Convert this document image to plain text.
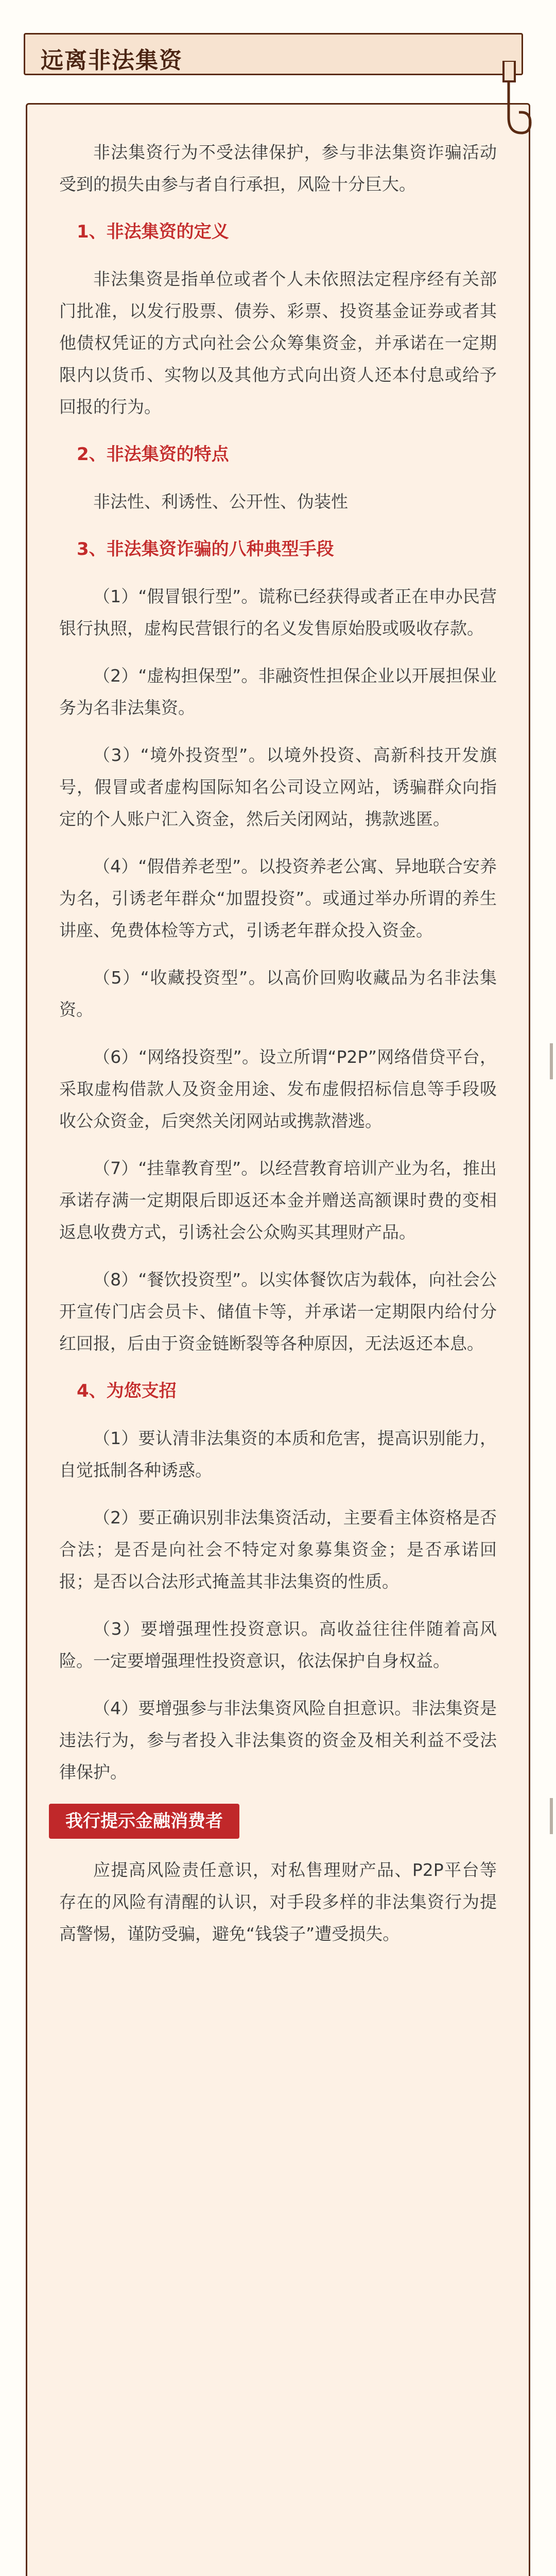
远离非法集资

非法集资行为不受法律保护，参与非法集资诈骗活动受到的损失由参与者自行承担，风险十分巨大。

1、非法集资的定义

非法集资是指单位或者个人未依照法定程序经有关部门批准，以发行股票、债券、彩票、投资基金证券或者其他债权凭证的方式向社会公众筹集资金，并承诺在一定期限内以货币、实物以及其他方式向出资人还本付息或给予回报的行为。

2、非法集资的特点

非法性、利诱性、公开性、伪装性

3、非法集资诈骗的八种典型手段

（1）“假冒银行型”。谎称已经获得或者正在申办民营银行执照，虚构民营银行的名义发售原始股或吸收存款。

（2）“虚构担保型”。非融资性担保企业以开展担保业务为名非法集资。

（3）“境外投资型”。以境外投资、高新科技开发旗号，假冒或者虚构国际知名公司设立网站，诱骗群众向指定的个人账户汇入资金，然后关闭网站，携款逃匿。

（4）“假借养老型”。以投资养老公寓、异地联合安养为名，引诱老年群众“加盟投资”。或通过举办所谓的养生讲座、免费体检等方式，引诱老年群众投入资金。

（5）“收藏投资型”。以高价回购收藏品为名非法集资。

（6）“网络投资型”。设立所谓“P2P”网络借贷平台，采取虚构借款人及资金用途、发布虚假招标信息等手段吸收公众资金，后突然关闭网站或携款潜逃。

（7）“挂靠教育型”。以经营教育培训产业为名，推出承诺存满一定期限后即返还本金并赠送高额课时费的变相返息收费方式，引诱社会公众购买其理财产品。

（8）“餐饮投资型”。以实体餐饮店为载体，向社会公开宣传门店会员卡、储值卡等，并承诺一定期限内给付分红回报，后由于资金链断裂等各种原因，无法返还本息。

4、为您支招

（1）要认清非法集资的本质和危害，提高识别能力，自觉抵制各种诱惑。

（2）要正确识别非法集资活动，主要看主体资格是否合法；是否是向社会不特定对象募集资金；是否承诺回报；是否以合法形式掩盖其非法集资的性质。

（3）要增强理性投资意识。高收益往往伴随着高风险。一定要增强理性投资意识，依法保护自身权益。

（4）要增强参与非法集资风险自担意识。非法集资是违法行为，参与者投入非法集资的资金及相关利益不受法律保护。

我行提示金融消费者

应提高风险责任意识，对私售理财产品、P2P平台等存在的风险有清醒的认识，对手段多样的非法集资行为提高警惕，谨防受骗，避免“钱袋子”遭受损失。
